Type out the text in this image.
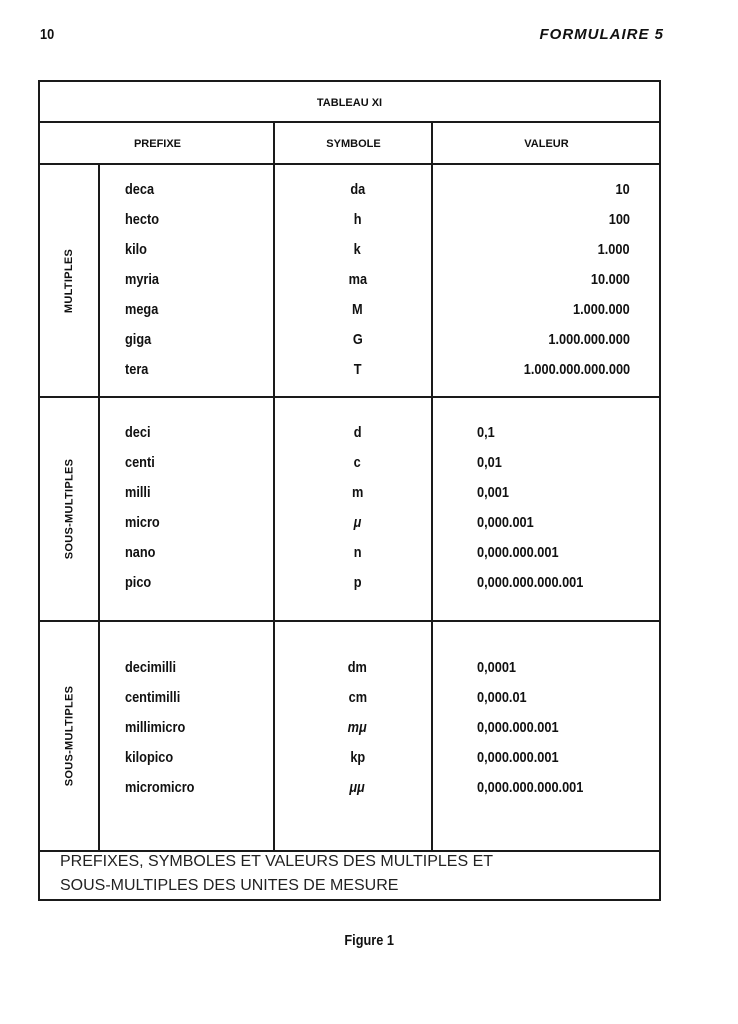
10	FORMULAIRE 5
TABLEAU XI
PREFIXE	SYMBOLE	VALEUR
MULTIPLES
deca	da	10
hecto	h	100
kilo	k	1.000
myria	ma	10.000
mega	M	1.000.000
giga	G	1.000.000.000
tera	T	1.000.000.000.000
SOUS-MULTIPLES
deci	d	0,1
centi	c	0,01
milli	m	0,001
micro	μ	0,000.001
nano	n	0,000.000.001
pico	p	0,000.000.000.001
SOUS-MULTIPLES
decimilli	dm	0,0001
centimilli	cm	0,000.01
millimicro	mμ	0,000.000.001
kilopico	kp	0,000.000.001
micromicro	μμ	0,000.000.000.001
PREFIXES, SYMBOLES ET VALEURS DES MULTIPLES ET
SOUS-MULTIPLES DES UNITES DE MESURE
Figure 1
